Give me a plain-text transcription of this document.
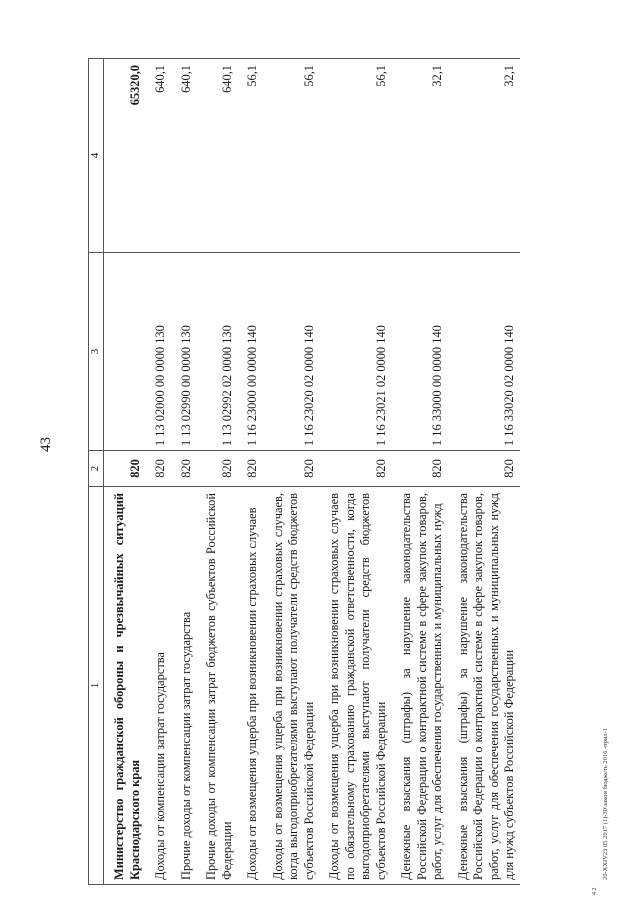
43
20-XXIV23 05 2017 (1)-30\закон бюджеть 2016 -прил-1
4 2
1	2	3	4
Министерство гражданской обороны и чрезвычайных ситуаций Краснодарского края	820		65320,0
Доходы от компенсации затрат государства	820	1 13 02000 00 0000 130	640,1
Прочие доходы от компенсации затрат государства	820	1 13 02990 00 0000 130	640,1
Прочие доходы от компенсации затрат бюджетов субъектов Российской Федерации	820	1 13 02992 02 0000 130	640,1
Доходы от возмещения ущерба при возникновении страховых случаев	820	1 16 23000 00 0000 140	56,1
Доходы от возмещения ущерба при возникновении страховых случаев, когда выгодоприобретателями выступают получатели средств бюджетов субъектов Российской Федерации	820	1 16 23020 02 0000 140	56,1
Доходы от возмещения ущерба при возникновении страховых случаев по обязательному страхованию гражданской ответственности, когда выгодоприобретателями выступают получатели средств бюджетов субъектов Российской Федерации	820	1 16 23021 02 0000 140	56,1
Денежные взыскания (штрафы) за нарушение законодательства Российской Федерации о контрактной системе в сфере закупок товаров, работ, услуг для обеспечения государственных и муниципальных нужд	820	1 16 33000 00 0000 140	32,1
Денежные взыскания (штрафы) за нарушение законодательства Российской Федерации о контрактной системе в сфере закупок товаров, работ, услуг для обеспечения государственных и муниципальных нужд для нужд субъектов Российской Федерации	820	1 16 33020 02 0000 140	32,1
